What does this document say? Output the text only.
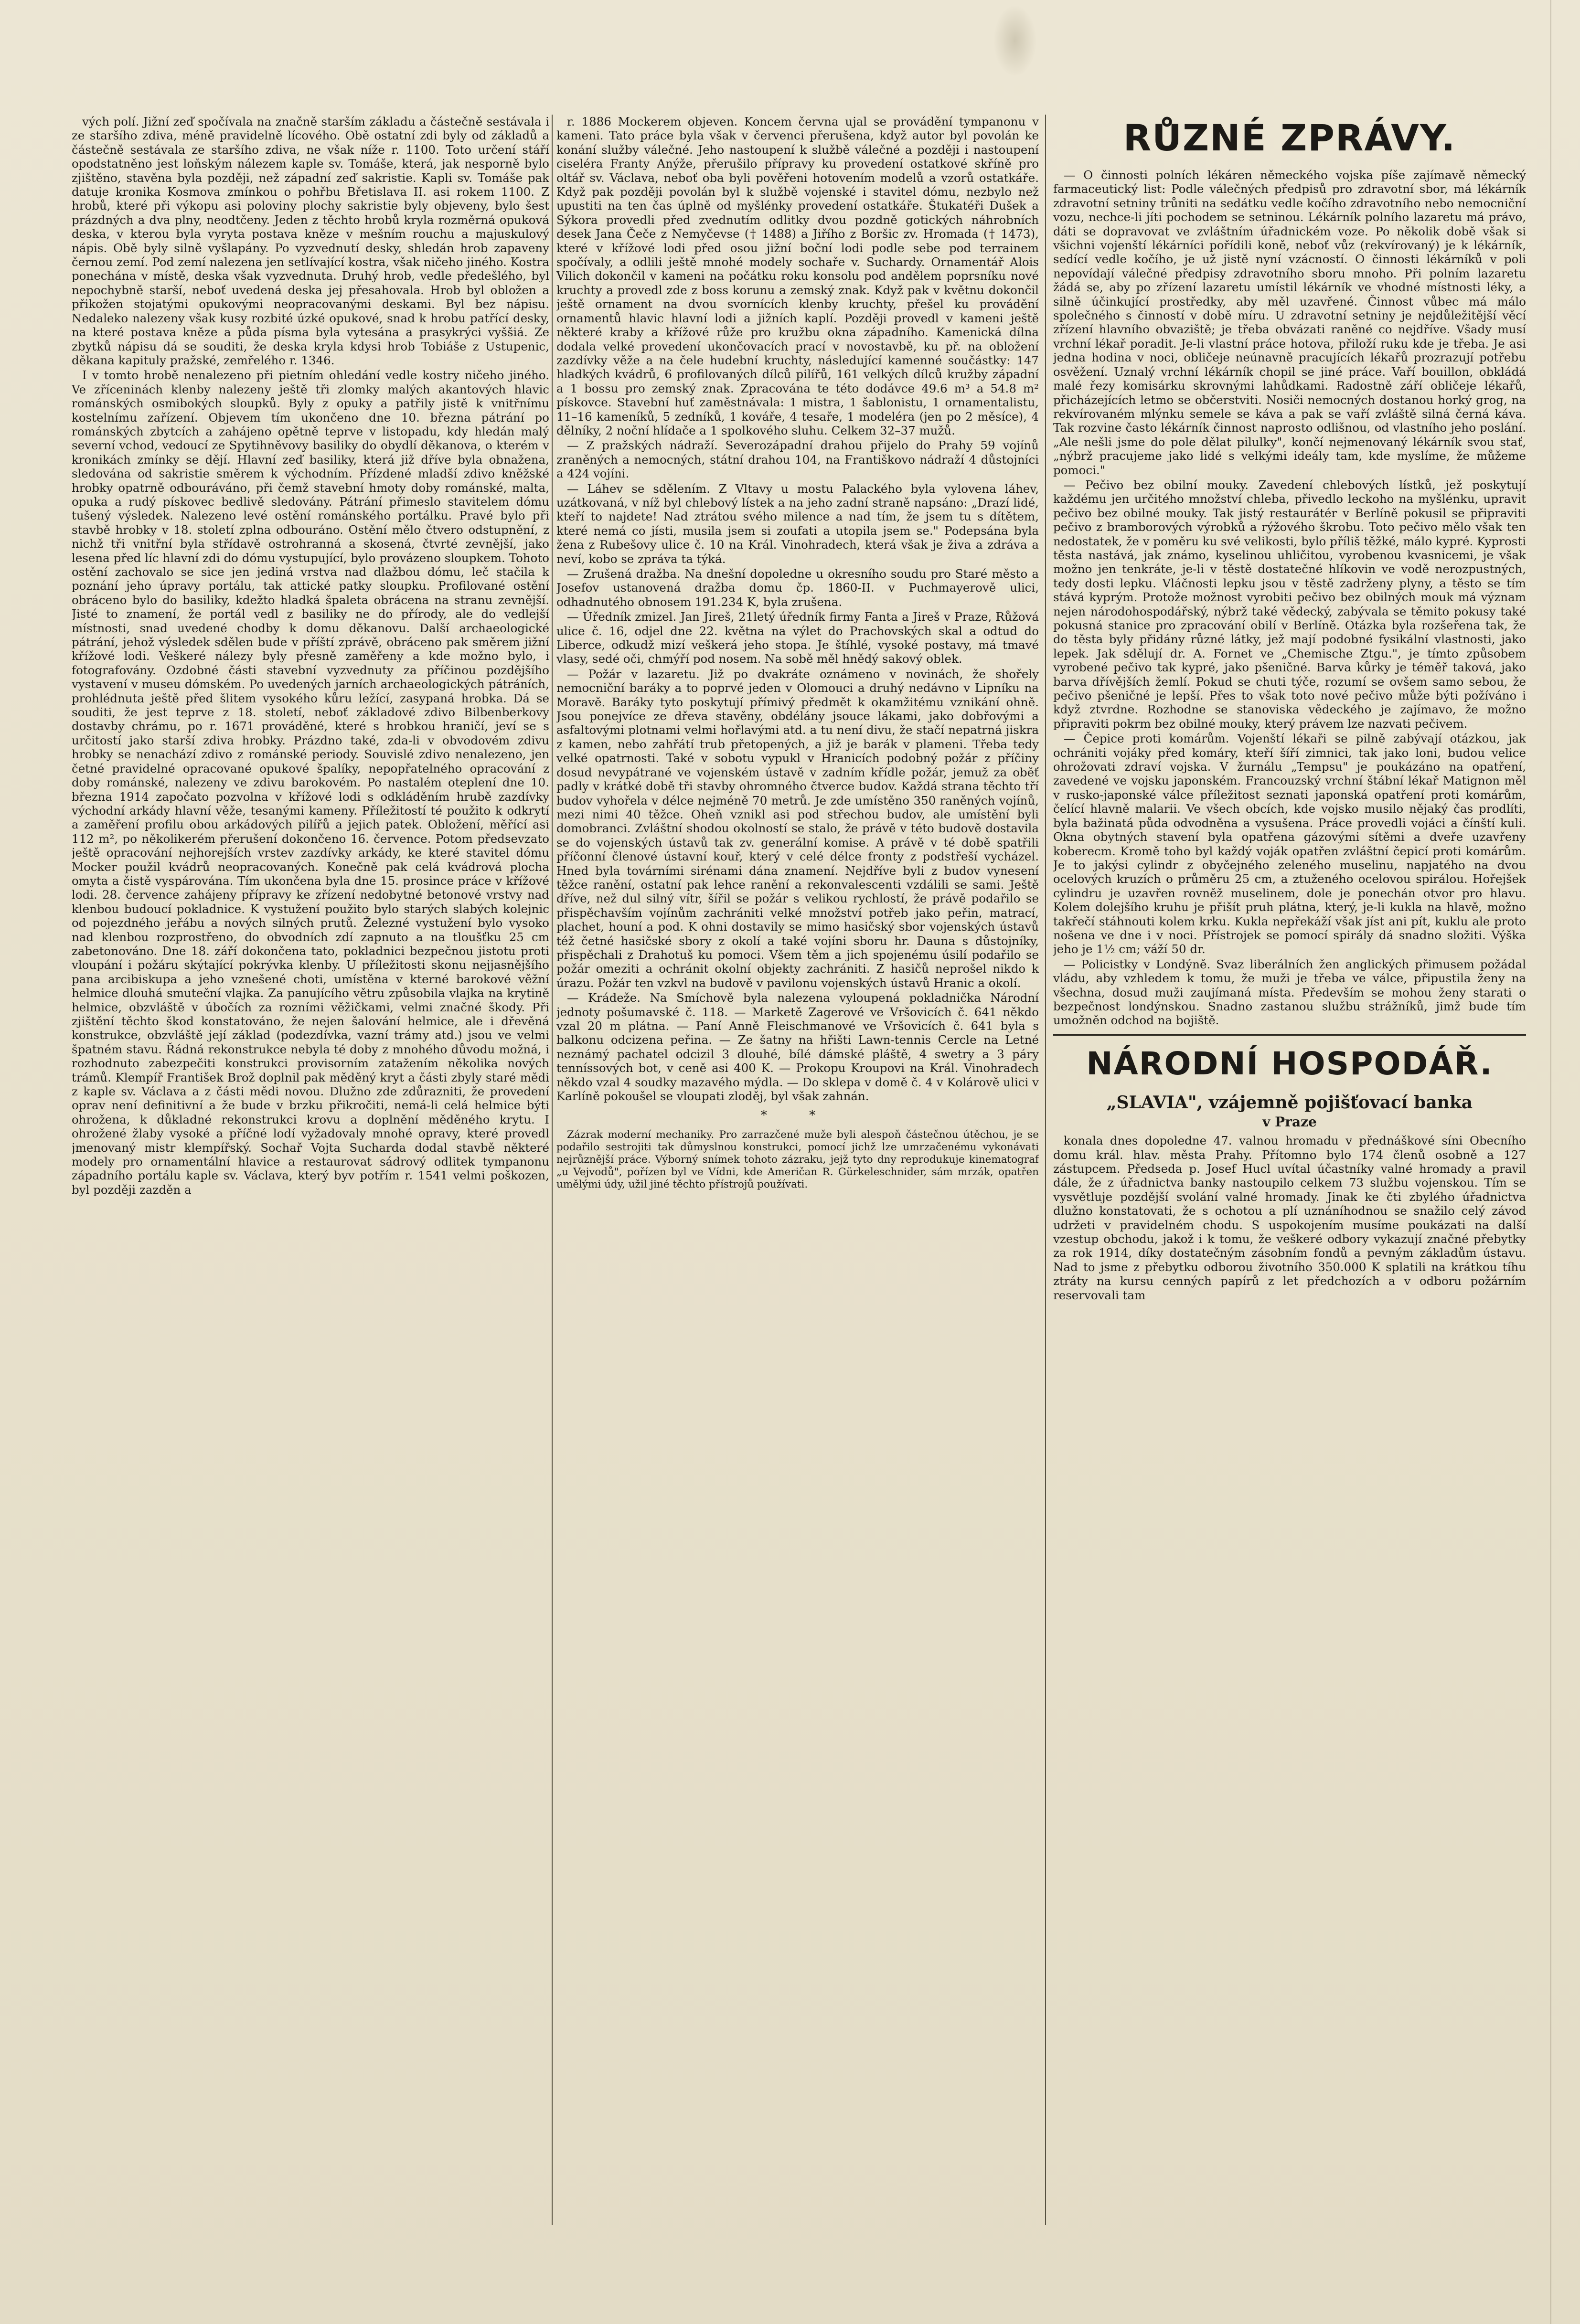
vých polí. Jižní zeď spočívala na značně starším základu a částečně sestávala i ze staršího zdiva, méně pravidelně lícového. Obě ostatní zdi byly od základů a částečně sestávala ze staršího zdiva, ne však níže r. 1100. Toto určení stáří opodstatněno jest loňským nálezem kaple sv. Tomáše, která, jak nesporně bylo zjištěno, stavěna byla později, než západní zeď sakristie. Kapli sv. Tomáše pak datuje kronika Kosmova zmínkou o pohřbu Břetislava II. asi rokem 1100. Z hrobů, které při výkopu asi poloviny plochy sakristie byly objeveny, bylo šest prázdných a dva plny, neodtčeny. Jeden z těchto hrobů kryla rozměrná opuková deska, v kterou byla vyryta postava kněze v mešním rouchu a majuskulový nápis. Obě byly silně vyšlapány. Po vyzvednutí desky, shledán hrob zapaveny černou zemí. Pod zemí nalezena jen setlívající kostra, však ničeho jiného. Kostra ponechána v místě, deska však vyzvednuta. Druhý hrob, vedle předešlého, byl nepochybně starší, neboť uvedená deska jej přesahovala. Hrob byl obložen a přikožen stojatými opukovými neopracovanými deskami. Byl bez nápisu. Nedaleko nalezeny však kusy rozbité úzké opukové, snad k hrobu patřící desky, na které postava kněze a půda písma byla vytesána a prasykrýci vyššiá. Ze zbytků nápisu dá se souditi, že deska kryla kdysi hrob Tobiáše z Ustupenic, děkana kapituly pražské, zemřelého r. 1346.

I v tomto hrobě nenalezeno při pietním ohledání vedle kostry ničeho jiného. Ve zříceninách klenby nalezeny ještě tři zlomky malých akantových hlavic románských osmibokých sloupků. Byly z opuky a patřily jistě k vnitřnímu kostelnímu zařízení. Objevem tím ukončeno dne 10. března pátrání po románských zbytcích a zahájeno opětně teprve v listopadu, kdy hledán malý severní vchod, vedoucí ze Spytihněvovy basiliky do obydlí děkanova, o kterém v kronikách zmínky se dějí. Hlavní zeď basiliky, která již dříve byla obnažena, sledována od sakristie směrem k východním. Přízdené mladší zdivo kněžské hrobky opatrně odbouráváno, při čemž stavební hmoty doby románské, malta, opuka a rudý pískovec bedlivě sledovány. Pátrání přimeslo stavitelem dómu tušený výsledek. Nalezeno levé ostění románského portálku. Pravé bylo při stavbě hrobky v 18. století zplna odbouráno. Ostění mělo čtvero odstupnění, z nichž tři vnitřní byla střídavě ostrohranná a skosená, čtvrté zevnější, jako lesena před líc hlavní zdi do dómu vystupující, bylo provázeno sloupkem. Tohoto ostění zachovalo se sice jen jediná vrstva nad dlažbou dómu, leč stačila k poznání jeho úpravy portálu, tak attické patky sloupku. Profilované ostění obráceno bylo do basiliky, kdežto hladká špaleta obrácena na stranu zevnější. Jisté to znamení, že portál vedl z basiliky ne do přírody, ale do vedlejší místnosti, snad uvedené chodby k domu děkanovu. Další archaeologické pátrání, jehož výsledek sdělen bude v příští zprávě, obráceno pak směrem jižní křížové lodi. Veškeré nálezy byly přesně zaměřeny a kde možno bylo, i fotografovány. Ozdobné části stavební vyzvednuty za příčinou pozdějšího vystavení v museu dómském. Po uvedených jarních archaeologických pátráních, prohlédnuta ještě před šlitem vysokého kůru ležící, zasypaná hrobka. Dá se souditi, že jest teprve z 18. století, neboť základové zdivo Bilbenberkovy dostavby chrámu, po r. 1671 prováděné, které s hrobkou hraničí, jeví se s určitostí jako starší zdiva hrobky. Prázdno také, zda-li v obvodovém zdivu hrobky se nenachází zdivo z románské periody. Souvislé zdivo nenalezeno, jen četné pravidelné opracované opukové špalíky, nepopřatelného opracování z doby románské, nalezeny ve zdivu barokovém. Po nastalém oteplení dne 10. března 1914 započato pozvolna v křížové lodi s odkláděním hrubě zazdívky východní arkády hlavní věže, tesanými kameny. Příležitostí té použito k odkrytí a zaměření profilu obou arkádových pilířů a jejich patek. Obložení, měřící asi 112 m², po několikerém přerušení dokončeno 16. července. Potom předsevzato ještě opracování nejhorejších vrstev zazdívky arkády, ke které stavitel dómu Mocker použil kvádrů neopracovaných. Konečně pak celá kvádrová plocha omyta a čistě vyspárována. Tím ukončena byla dne 15. prosince práce v křížové lodi. 28. července zahájeny přípravy ke zřízení nedobytné betonové vrstvy nad klenbou budoucí pokladnice. K vystužení použito bylo starých slabých kolejnic od pojezdného jeřábu a nových silných prutů. Železné vystužení bylo vysoko nad klenbou rozprostřeno, do obvodních zdí zapnuto a na tloušťku 25 cm zabetonováno. Dne 18. září dokončena tato, pokladnici bezpečnou jistotu proti vloupání i požáru skýtající pokrývka klenby. U příležitosti skonu nejjasnějšího pana arcibiskupa a jeho vznešené choti, umístěna v kterné barokové věžní helmice dlouhá smuteční vlajka. Za panujícího větru způsobila vlajka na krytině helmice, obzvláště v úbočích za rozními věžičkami, velmi značné škody. Při zjištění těchto škod konstatováno, že nejen šalování helmice, ale i dřevěná konstrukce, obzvláště její základ (podezdívka, vazní trámy atd.) jsou ve velmi špatném stavu. Řádná rekonstrukce nebyla té doby z mnohého důvodu možná, i rozhodnuto zabezpečiti konstrukci provisorním zatažením několika nových trámů. Klempíř František Brož doplnil pak měděný kryt a části zbyly staré mědi z kaple sv. Václava a z části mědi novou. Dlužno zde zdůrazniti, že provedení oprav není definitivní a že bude v brzku přikročiti, nemá-li celá helmice býti ohrožena, k důkladné rekonstrukci krovu a doplnění měděného krytu. I ohrožené žlaby vysoké a příčné lodí vyžadovaly mnohé opravy, které provedl jmenovaný mistr klempířský. Sochař Vojta Sucharda dodal stavbě některé modely pro ornamentální hlavice a restaurovat sádrový odlitek tympanonu západního portálu kaple sv. Václava, který byv potřím r. 1541 velmi poškozen, byl později zazděn a

r. 1886 Mockerem objeven. Koncem června ujal se provádění tympanonu v kameni. Tato práce byla však v červenci přerušena, když autor byl povolán ke konání služby válečné. Jeho nastoupení k službě válečné a později i nastoupení ciseléra Franty Anýže, přerušilo přípravy ku provedení ostatkové skříně pro oltář sv. Václava, neboť oba byli pověřeni hotovením modelů a vzorů ostatkáře. Když pak později povolán byl k službě vojenské i stavitel dómu, nezbylo než upustiti na ten čas úplně od myšlénky provedení ostatkáře. Štukatéři Dušek a Sýkora provedli před zvednutím odlitky dvou pozdně gotických náhrobních desek Jana Čeče z Nemyčevse († 1488) a Jiřího z Boršic zv. Hromada († 1473), které v křížové lodi před osou jižní boční lodi podle sebe pod terrainem spočívaly, a odlili ještě mnohé modely sochaře v. Suchardy. Ornamentář Alois Vilich dokončil v kameni na počátku roku konsolu pod andělem poprsníku nové kruchty a provedl zde z boss korunu a zemský znak. Když pak v květnu dokončil ještě ornament na dvou svornících klenby kruchty, přešel ku provádění ornamentů hlavic hlavní lodi a jižních kaplí. Později provedl v kameni ještě některé kraby a křížové růže pro kružbu okna západního. Kamenická dílna dodala velké provedení ukončovacích prací v novostavbě, ku př. na obložení zazdívky věže a na čele hudební kruchty, následující kamenné součástky: 147 hladkých kvádrů, 6 profilovaných dílců pilířů, 161 velkých dílců kružby západní a 1 bossu pro zemský znak. Zpracována te této dodávce 49.6 m³ a 54.8 m² pískovce. Stavební huť zaměstnávala: 1 mistra, 1 šablonistu, 1 ornamentalistu, 11–16 kameníků, 5 zedníků, 1 kováře, 4 tesaře, 1 modeléra (jen po 2 měsíce), 4 dělníky, 2 noční hlídače a 1 spolkového sluhu. Celkem 32–37 mužů.

— Z pražských nádraží. Severozápadní drahou přijelo do Prahy 59 vojínů zraněných a nemocných, státní drahou 104, na Františkovo nádraží 4 důstojníci a 424 vojíni.

— Láhev se sdělením. Z Vltavy u mostu Palackého byla vylovena láhev, uzátkovaná, v níž byl chlebový lístek a na jeho zadní straně napsáno: „Drazí lidé, kteří to najdete! Nad ztrátou svého milence a nad tím, že jsem tu s dítětem, které nemá co jísti, musila jsem si zoufati a utopila jsem se." Podepsána byla žena z Rubešovy ulice č. 10 na Král. Vinohradech, která však je živa a zdráva a neví, kobo se zpráva ta týká.

— Zrušená dražba. Na dnešní dopoledne u okresního soudu pro Staré město a Josefov ustanovená dražba domu čp. 1860-II. v Puchmayerově ulici, odhadnutého obnosem 191.234 K, byla zrušena.

— Úředník zmizel. Jan Jireš, 21letý úředník firmy Fanta a Jireš v Praze, Růžová ulice č. 16, odjel dne 22. května na výlet do Prachovských skal a odtud do Liberce, odkudž mizí veškerá jeho stopa. Je štíhlé, vysoké postavy, má tmavé vlasy, sedé oči, chmýří pod nosem. Na sobě měl hnědý sakový oblek.

— Požár v lazaretu. Již po dvakráte oznámeno v novinách, že shořely nemocniční baráky a to poprvé jeden v Olomouci a druhý nedávno v Lipníku na Moravě. Baráky tyto poskytují přímivý předmět k okamžitému vznikání ohně. Jsou ponejvíce ze dřeva stavěny, obdélány jsouce lákami, jako dobřovými a asfaltovými plotnami velmi hořlavými atd. a tu není divu, že stačí nepatrná jiskra z kamen, nebo zahřátí trub přetopených, a již je barák v plameni. Třeba tedy velké opatrnosti. Také v sobotu vypukl v Hranicích podobný požár z příčiny dosud nevypátrané ve vojenském ústavě v zadním křídle požár, jemuž za oběť padly v krátké době tři stavby ohromného čtverce budov. Každá strana těchto tří budov vyhořela v délce nejméně 70 metrů. Je zde umístěno 350 raněných vojínů, mezi nimi 40 těžce. Oheň vznikl asi pod střechou budov, ale umístění byli domobranci. Zvláštní shodou okolností se stalo, že právě v této budově dostavila se do vojenských ústavů tak zv. generální komise. A právě v té době spatřili příčonní členové ústavní kouř, který v celé délce fronty z podstřeší vycházel. Hned byla továrními sirénami dána znamení. Nejdříve byli z budov vynesení těžce ranění, ostatní pak lehce ranění a rekonvalescenti vzdálili se sami. Ještě dříve, než dul silný vítr, šířil se požár s velikou rychlostí, že právě podařilo se přispěchavším vojínům zachrániti velké množství potřeb jako peřin, matrací, plachet, houní a pod. K ohni dostavily se mimo hasičský sbor vojenských ústavů též četné hasičské sbory z okolí a také vojíni sboru hr. Dauna s důstojníky, přispěchali z Drahotuš ku pomoci. Všem těm a jich spojenému úsilí podařilo se požár omeziti a ochránit okolní objekty zachrániti. Z hasičů neprošel nikdo k úrazu. Požár ten vzkvl na budově v pavilonu vojenských ústavů Hranic a okolí.

— Krádeže. Na Smíchově byla nalezena vyloupená pokladnička Národní jednoty pošumavské č. 118. — Marketě Zagerové ve Vršovicích č. 641 někdo vzal 20 m plátna. — Paní Anně Fleischmanové ve Vršovicích č. 641 byla s balkonu odcizena peřina. — Ze šatny na hřišti Lawn-tennis Cercle na Letné neznámý pachatel odcizil 3 dlouhé, bílé dámské pláště, 4 swetry a 3 páry tenníssových bot, v ceně asi 400 K. — Prokopu Kroupovi na Král. Vinohradech někdo vzal 4 soudky mazavého mýdla. — Do sklepa v domě č. 4 v Kolárově ulici v Karlíně pokoušel se vloupati zloděj, byl však zahnán.

* *

Zázrak moderní mechaniky. Pro zarrazčené muže byli alespoň částečnou útěchou, je se podařilo sestrojiti tak důmyslnou konstrukci, pomocí jichž lze umrzačenému vykonávati nejrůznější práce. Výborný snímek tohoto zázraku, jejž tyto dny reprodukuje kinematograf „u Vejvodů", pořízen byl ve Vídni, kde Američan R. Gürkeleschnider, sám mrzák, opatřen umělými údy, užil jiné těchto přístrojů používati.

RŮZNÉ ZPRÁVY.

— O činnosti polních lékáren německého vojska píše zajímavě německý farmaceutický list: Podle válečných předpisů pro zdravotní sbor, má lékárník zdravotní setniny trůniti na sedátku vedle kočího zdravotního nebo nemocniční vozu, nechce-li jíti pochodem se setninou. Lékárník polního lazaretu má právo, dáti se dopravovat ve zvláštním úřadnickém voze. Po několik době však si všichni vojenští lékárníci pořídili koně, neboť vůz (rekvírovaný) je k lékárník, sedící vedle kočího, je už jistě nyní vzácností. O činnosti lékárníků v poli nepovídají válečné předpisy zdravotního sboru mnoho. Při polním lazaretu žádá se, aby po zřízení lazaretu umístil lékárník ve vhodné místnosti léky, a silně účinkující prostředky, aby měl uzavřené. Činnost vůbec má málo společného s činností v době míru. U zdravotní setniny je nejdůležitější věcí zřízení hlavního obvaziště; je třeba obvázati raněné co nejdříve. Všady musí vrchní lékař poradit. Je-li vlastní práce hotova, přiloží ruku kde je třeba. Je asi jedna hodina v noci, obličeje neúnavně pracujících lékařů prozrazují potřebu osvěžení. Uznalý vrchní lékárník chopil se jiné práce. Vaří bouillon, obkládá malé řezy komisárku skrovnými lahůdkami. Radostně září obličeje lékařů, přicházejících letmo se občerstviti. Nosiči nemocných dostanou horký grog, na rekvírovaném mlýnku semele se káva a pak se vaří zvláště silná černá káva. Tak rozvine často lékárník činnost naprosto odlišnou, od vlastního jeho poslání. „Ale nešli jsme do pole dělat pilulky", končí nejmenovaný lékárník svou stať, „nýbrž pracujeme jako lidé s velkými ideály tam, kde myslíme, že můžeme pomoci."

— Pečivo bez obilní mouky. Zavedení chlebových lístků, jež poskytují každému jen určitého množství chleba, přivedlo leckoho na myšlénku, upravit pečivo bez obilné mouky. Tak jistý restaurátér v Berlíně pokusil se připraviti pečivo z bramborových výrobků a rýžového škrobu. Toto pečivo mělo však ten nedostatek, že v poměru ku své velikosti, bylo příliš těžké, málo kypré. Kyprosti těsta nastává, jak známo, kyselinou uhličitou, vyrobenou kvasnicemi, je však možno jen tenkráte, je-li v těstě dostatečné hlíkovin ve vodě nerozpustných, tedy dosti lepku. Vláčnosti lepku jsou v těstě zadrženy plyny, a těsto se tím stává kyprým. Protože možnost vyrobiti pečivo bez obilných mouk má význam nejen národohospodářský, nýbrž také vědecký, zabývala se těmito pokusy také pokusná stanice pro zpracování obilí v Berlíně. Otázka byla rozšeřena tak, že do těsta byly přidány různé látky, jež mají podobné fysikální vlastnosti, jako lepek. Jak sdělují dr. A. Fornet ve „Chemische Ztgu.", je tímto způsobem vyrobené pečivo tak kypré, jako pšeničné. Barva kůrky je téměř taková, jako barva dřívějších žemlí. Pokud se chuti týče, rozumí se ovšem samo sebou, že pečivo pšeničné je lepší. Přes to však toto nové pečivo může býti požíváno i když ztvrdne. Rozhodne se stanoviska vědeckého je zajímavo, že možno připraviti pokrm bez obilné mouky, který právem lze nazvati pečivem.

— Čepice proti komárům. Vojenští lékaři se pilně zabývají otázkou, jak ochrániti vojáky před komáry, kteří šíří zimnici, tak jako loni, budou velice ohrožovati zdraví vojska. V žurnálu „Tempsu" je poukázáno na opatření, zavedené ve vojsku japonském. Francouzský vrchní štábní lékař Matignon měl v rusko-japonské válce příležitost seznati japonská opatření proti komárům, čelící hlavně malarii. Ve všech obcích, kde vojsko musilo nějaký čas prodlíti, byla bažinatá půda odvodněna a vysušena. Práce provedli vojáci a čínští kuli. Okna obytných stavení byla opatřena gázovými sítěmi a dveře uzavřeny koberecm. Kromě toho byl každý voják opatřen zvláštní čepicí proti komárům. Je to jakýsi cylindr z obyčejného zeleného muselinu, napjatého na dvou ocelových kruzích o průměru 25 cm, a ztuženého ocelovou spirálou. Hořejšek cylindru je uzavřen rovněž muselinem, dole je ponechán otvor pro hlavu. Kolem dolejšího kruhu je přišít pruh plátna, který, je-li kukla na hlavě, možno takřečí stáhnouti kolem krku. Kukla nepřekáží však jíst ani pít, kuklu ale proto nošena ve dne i v noci. Přístrojek se pomocí spirály dá snadno složiti. Výška jeho je 1½ cm; váží 50 dr.

— Policistky v Londýně. Svaz liberálních žen anglických přimusem požádal vládu, aby vzhledem k tomu, že muži je třeba ve válce, připustila ženy na všechna, dosud muži zaujímaná místa. Především se mohou ženy starati o bezpečnost londýnskou. Snadno zastanou službu strážníků, jimž bude tím umožněn odchod na bojiště.

NÁRODNÍ HOSPODÁŘ.
„SLAVIA", vzájemně pojišťovací banka
v Praze

konala dnes dopoledne 47. valnou hromadu v přednáškové síni Obecního domu král. hlav. města Prahy. Přítomno bylo 174 členů osobně a 127 zástupcem. Předseda p. Josef Hucl uvítal účastníky valné hromady a pravil dále, že z úřadnictva banky nastoupilo celkem 73 službu vojenskou. Tím se vysvětluje pozdější svolání valné hromady. Jinak ke čti zbylého úřadnictva dlužno konstatovati, že s ochotou a plí uznáníhodnou se snažilo celý závod udržeti v pravidelném chodu. S uspokojením musíme poukázati na další vzestup obchodu, jakož i k tomu, že veškeré odbory vykazují značné přebytky za rok 1914, díky dostatečným zásobním fondů a pevným základům ústavu. Nad to jsme z přebytku odborou životního 350.000 K splatili na krátkou tíhu ztráty na kursu cenných papírů z let předchozích a v odboru požárním reservovali tam
